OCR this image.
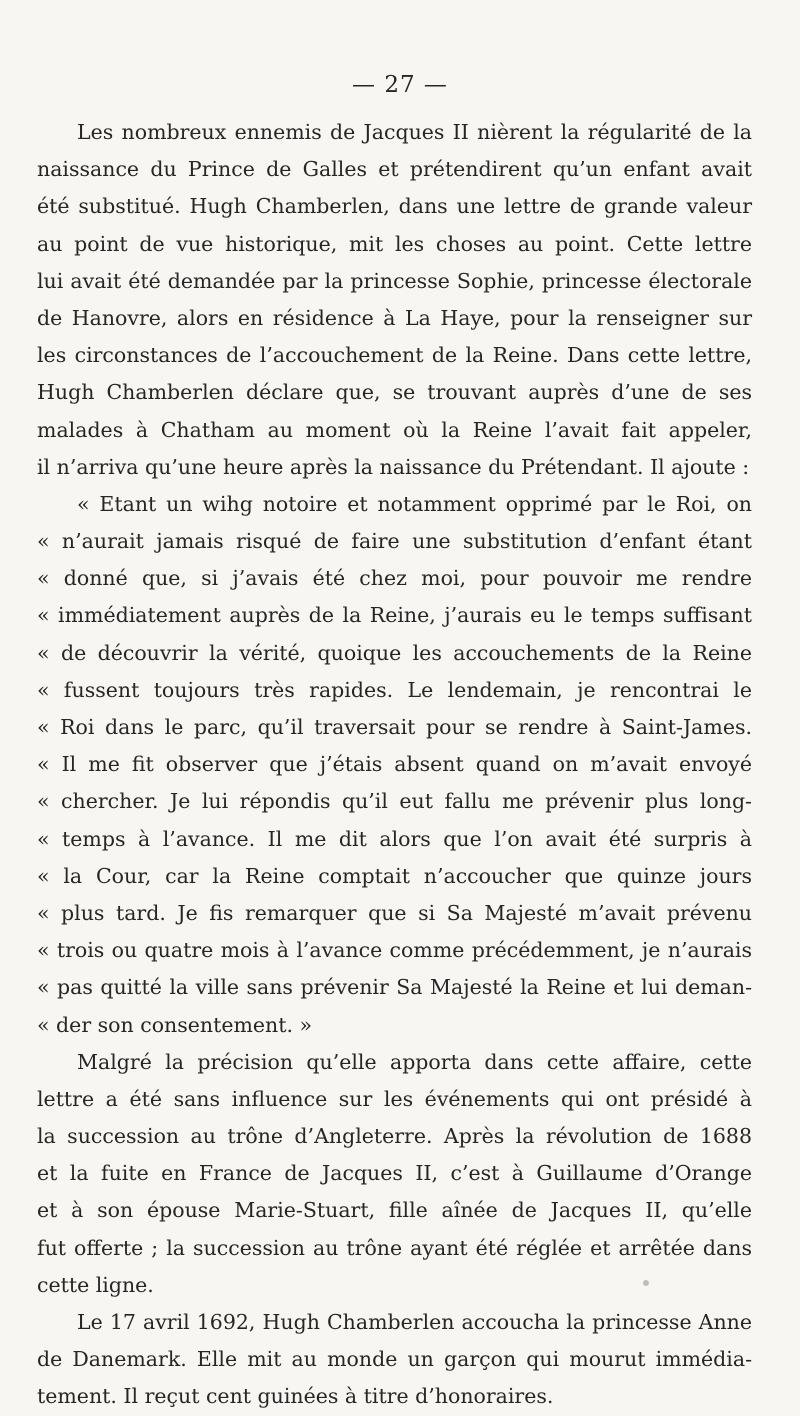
— 27 —
Les nombreux ennemis de Jacques II nièrent la régularité de la
naissance du Prince de Galles et prétendirent qu’un enfant avait
été substitué. Hugh Chamberlen, dans une lettre de grande valeur
au point de vue historique, mit les choses au point. Cette lettre
lui avait été demandée par la princesse Sophie, princesse électorale
de Hanovre, alors en résidence à La Haye, pour la renseigner sur
les circonstances de l’accouchement de la Reine. Dans cette lettre,
Hugh Chamberlen déclare que, se trouvant auprès d’une de ses
malades à Chatham au moment où la Reine l’avait fait appeler,
il n’arriva qu’une heure après la naissance du Prétendant. Il ajoute :
« Etant un wihg notoire et notamment opprimé par le Roi, on
« n’aurait jamais risqué de faire une substitution d’enfant étant
« donné que, si j’avais été chez moi, pour pouvoir me rendre
« immédiatement auprès de la Reine, j’aurais eu le temps suffisant
« de découvrir la vérité, quoique les accouchements de la Reine
« fussent toujours très rapides. Le lendemain, je rencontrai le
« Roi dans le parc, qu’il traversait pour se rendre à Saint-James.
« Il me fit observer que j’étais absent quand on m’avait envoyé
« chercher. Je lui répondis qu’il eut fallu me prévenir plus long-
« temps à l’avance. Il me dit alors que l’on avait été surpris à
« la Cour, car la Reine comptait n’accoucher que quinze jours
« plus tard. Je fis remarquer que si Sa Majesté m’avait prévenu
« trois ou quatre mois à l’avance comme précédemment, je n’aurais
« pas quitté la ville sans prévenir Sa Majesté la Reine et lui deman-
« der son consentement. »
Malgré la précision qu’elle apporta dans cette affaire, cette
lettre a été sans influence sur les événements qui ont présidé à
la succession au trône d’Angleterre. Après la révolution de 1688
et la fuite en France de Jacques II, c’est à Guillaume d’Orange
et à son épouse Marie-Stuart, fille aînée de Jacques II, qu’elle
fut offerte ; la succession au trône ayant été réglée et arrêtée dans
cette ligne.
Le 17 avril 1692, Hugh Chamberlen accoucha la princesse Anne
de Danemark. Elle mit au monde un garçon qui mourut immédia-
tement. Il reçut cent guinées à titre d’honoraires.
